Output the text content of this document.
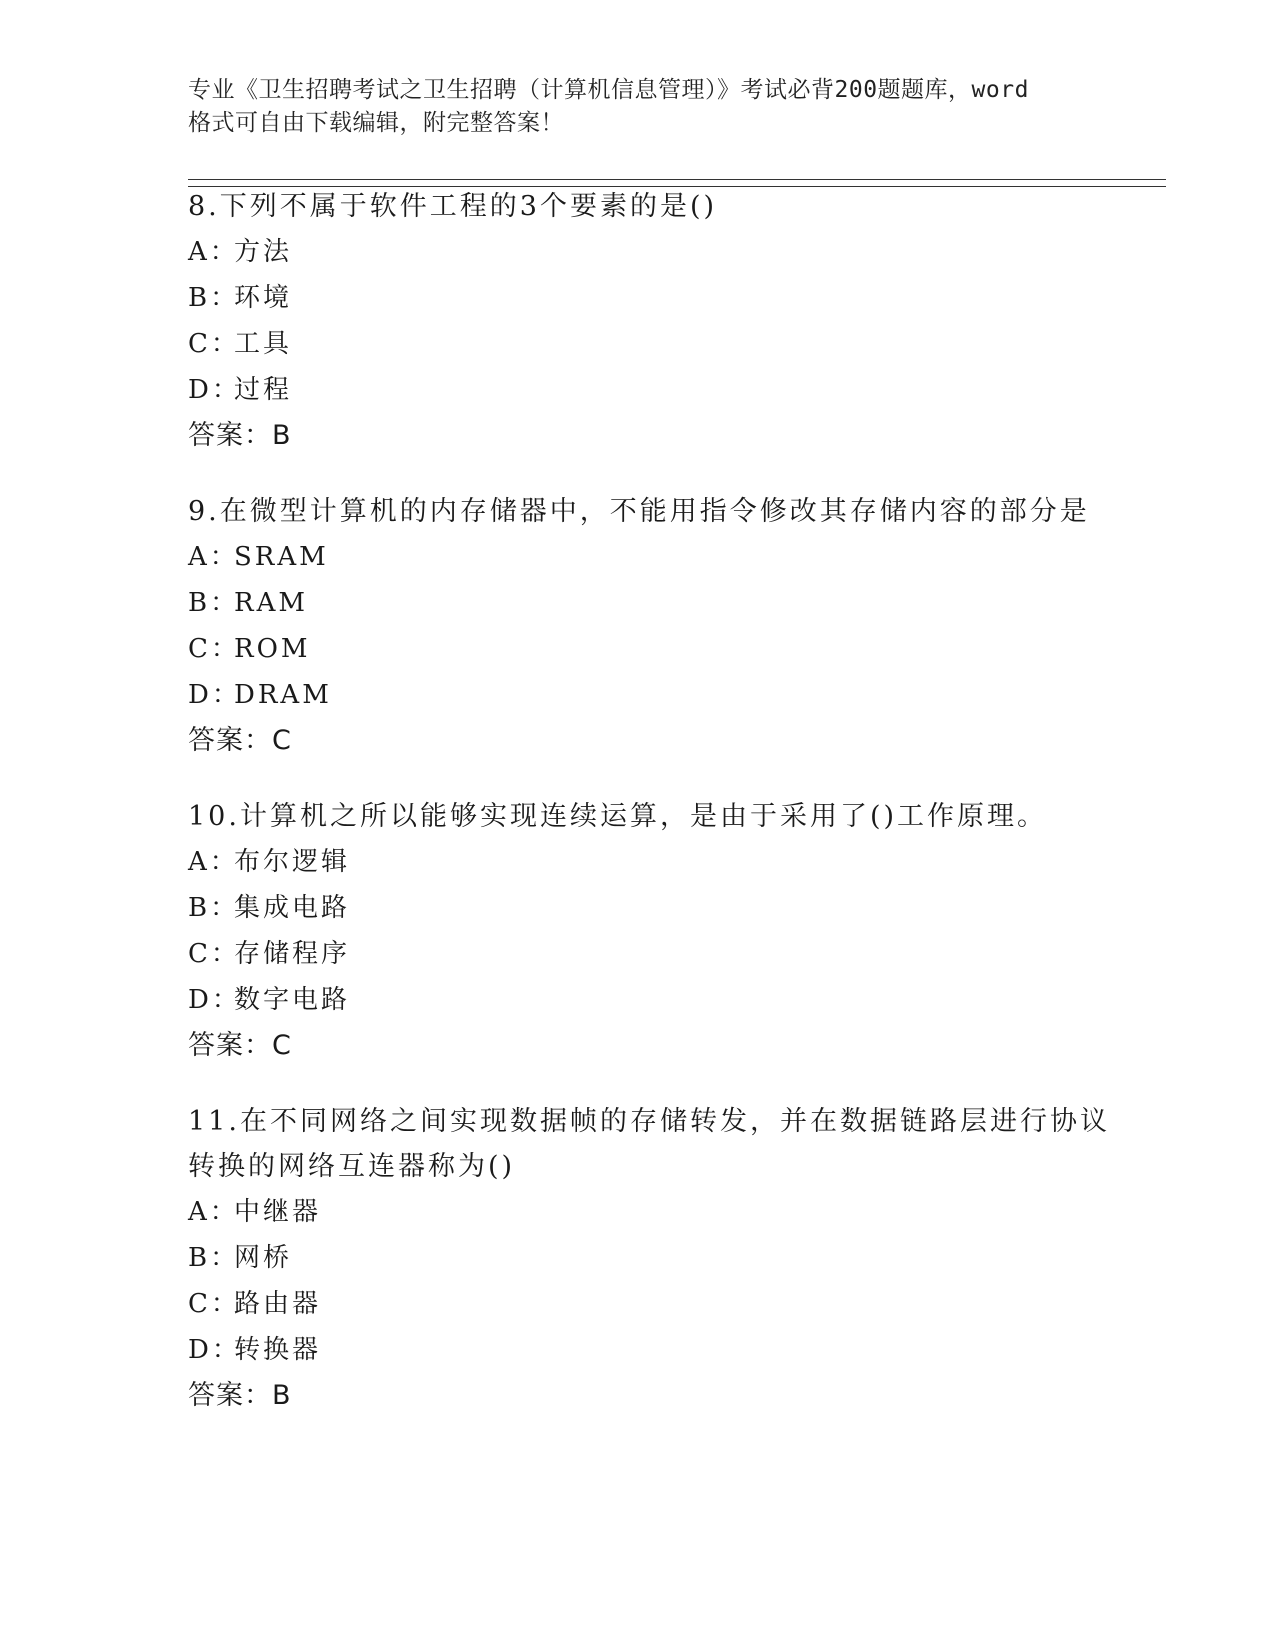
专业《卫生招聘考试之卫生招聘（计算机信息管理）》考试必背200题题库，word
格式可自由下载编辑，附完整答案！
8.下列不属于软件工程的3个要素的是()
A：方法
B：环境
C：工具
D：过程
答案：B
9.在微型计算机的内存储器中，不能用指令修改其存储内容的部分是
A：SRAM
B：RAM
C：ROM
D：DRAM
答案：C
10.计算机之所以能够实现连续运算，是由于采用了()工作原理。
A：布尔逻辑
B：集成电路
C：存储程序
D：数字电路
答案：C
11.在不同网络之间实现数据帧的存储转发，并在数据链路层进行协议
转换的网络互连器称为()
A：中继器
B：网桥
C：路由器
D：转换器
答案：B
